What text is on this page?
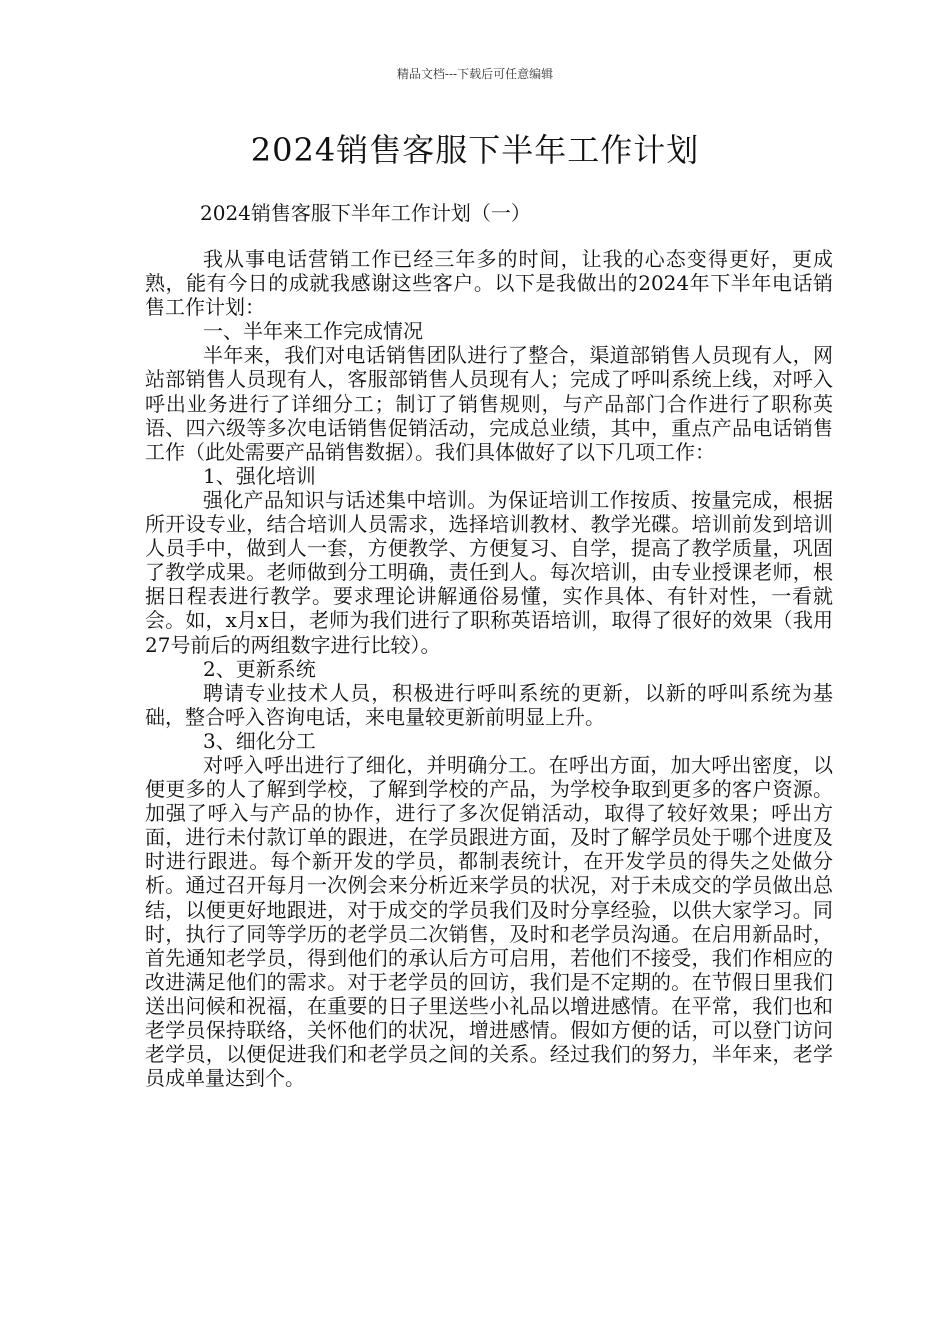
精品文档---下载后可任意编辑
2024销售客服下半年工作计划
2024销售客服下半年工作计划（一）

我从事电话营销工作已经三年多的时间，让我的心态变得更好，更成熟，能有今日的成就我感谢这些客户。以下是我做出的2024年下半年电话销售工作计划：

一、半年来工作完成情况

半年来，我们对电话销售团队进行了整合，渠道部销售人员现有人，网站部销售人员现有人，客服部销售人员现有人；完成了呼叫系统上线，对呼入呼出业务进行了详细分工；制订了销售规则，与产品部门合作进行了职称英语、四六级等多次电话销售促销活动，完成总业绩，其中，重点产品电话销售工作（此处需要产品销售数据）。我们具体做好了以下几项工作：

1、强化培训

强化产品知识与话述集中培训。为保证培训工作按质、按量完成，根据所开设专业，结合培训人员需求，选择培训教材、教学光碟。培训前发到培训人员手中，做到人一套，方便教学、方便复习、自学，提高了教学质量，巩固了教学成果。老师做到分工明确，责任到人。每次培训，由专业授课老师，根据日程表进行教学。要求理论讲解通俗易懂，实作具体、有针对性，一看就会。如，x月x日，老师为我们进行了职称英语培训，取得了很好的效果（我用27号前后的两组数字进行比较）。

2、更新系统

聘请专业技术人员，积极进行呼叫系统的更新，以新的呼叫系统为基础，整合呼入咨询电话，来电量较更新前明显上升。

3、细化分工

对呼入呼出进行了细化，并明确分工。在呼出方面，加大呼出密度，以便更多的人了解到学校，了解到学校的产品，为学校争取到更多的客户资源。加强了呼入与产品的协作，进行了多次促销活动，取得了较好效果；呼出方面，进行未付款订单的跟进，在学员跟进方面，及时了解学员处于哪个进度及时进行跟进。每个新开发的学员，都制表统计，在开发学员的得失之处做分析。通过召开每月一次例会来分析近来学员的状况，对于未成交的学员做出总结，以便更好地跟进，对于成交的学员我们及时分享经验，以供大家学习。同时，执行了同等学历的老学员二次销售，及时和老学员沟通。在启用新品时，首先通知老学员，得到他们的承认后方可启用，若他们不接受，我们作相应的改进满足他们的需求。对于老学员的回访，我们是不定期的。在节假日里我们送出问候和祝福，在重要的日子里送些小礼品以增进感情。在平常，我们也和老学员保持联络，关怀他们的状况，增进感情。假如方便的话，可以登门访问老学员，以便促进我们和老学员之间的关系。经过我们的努力，半年来，老学员成单量达到个。
